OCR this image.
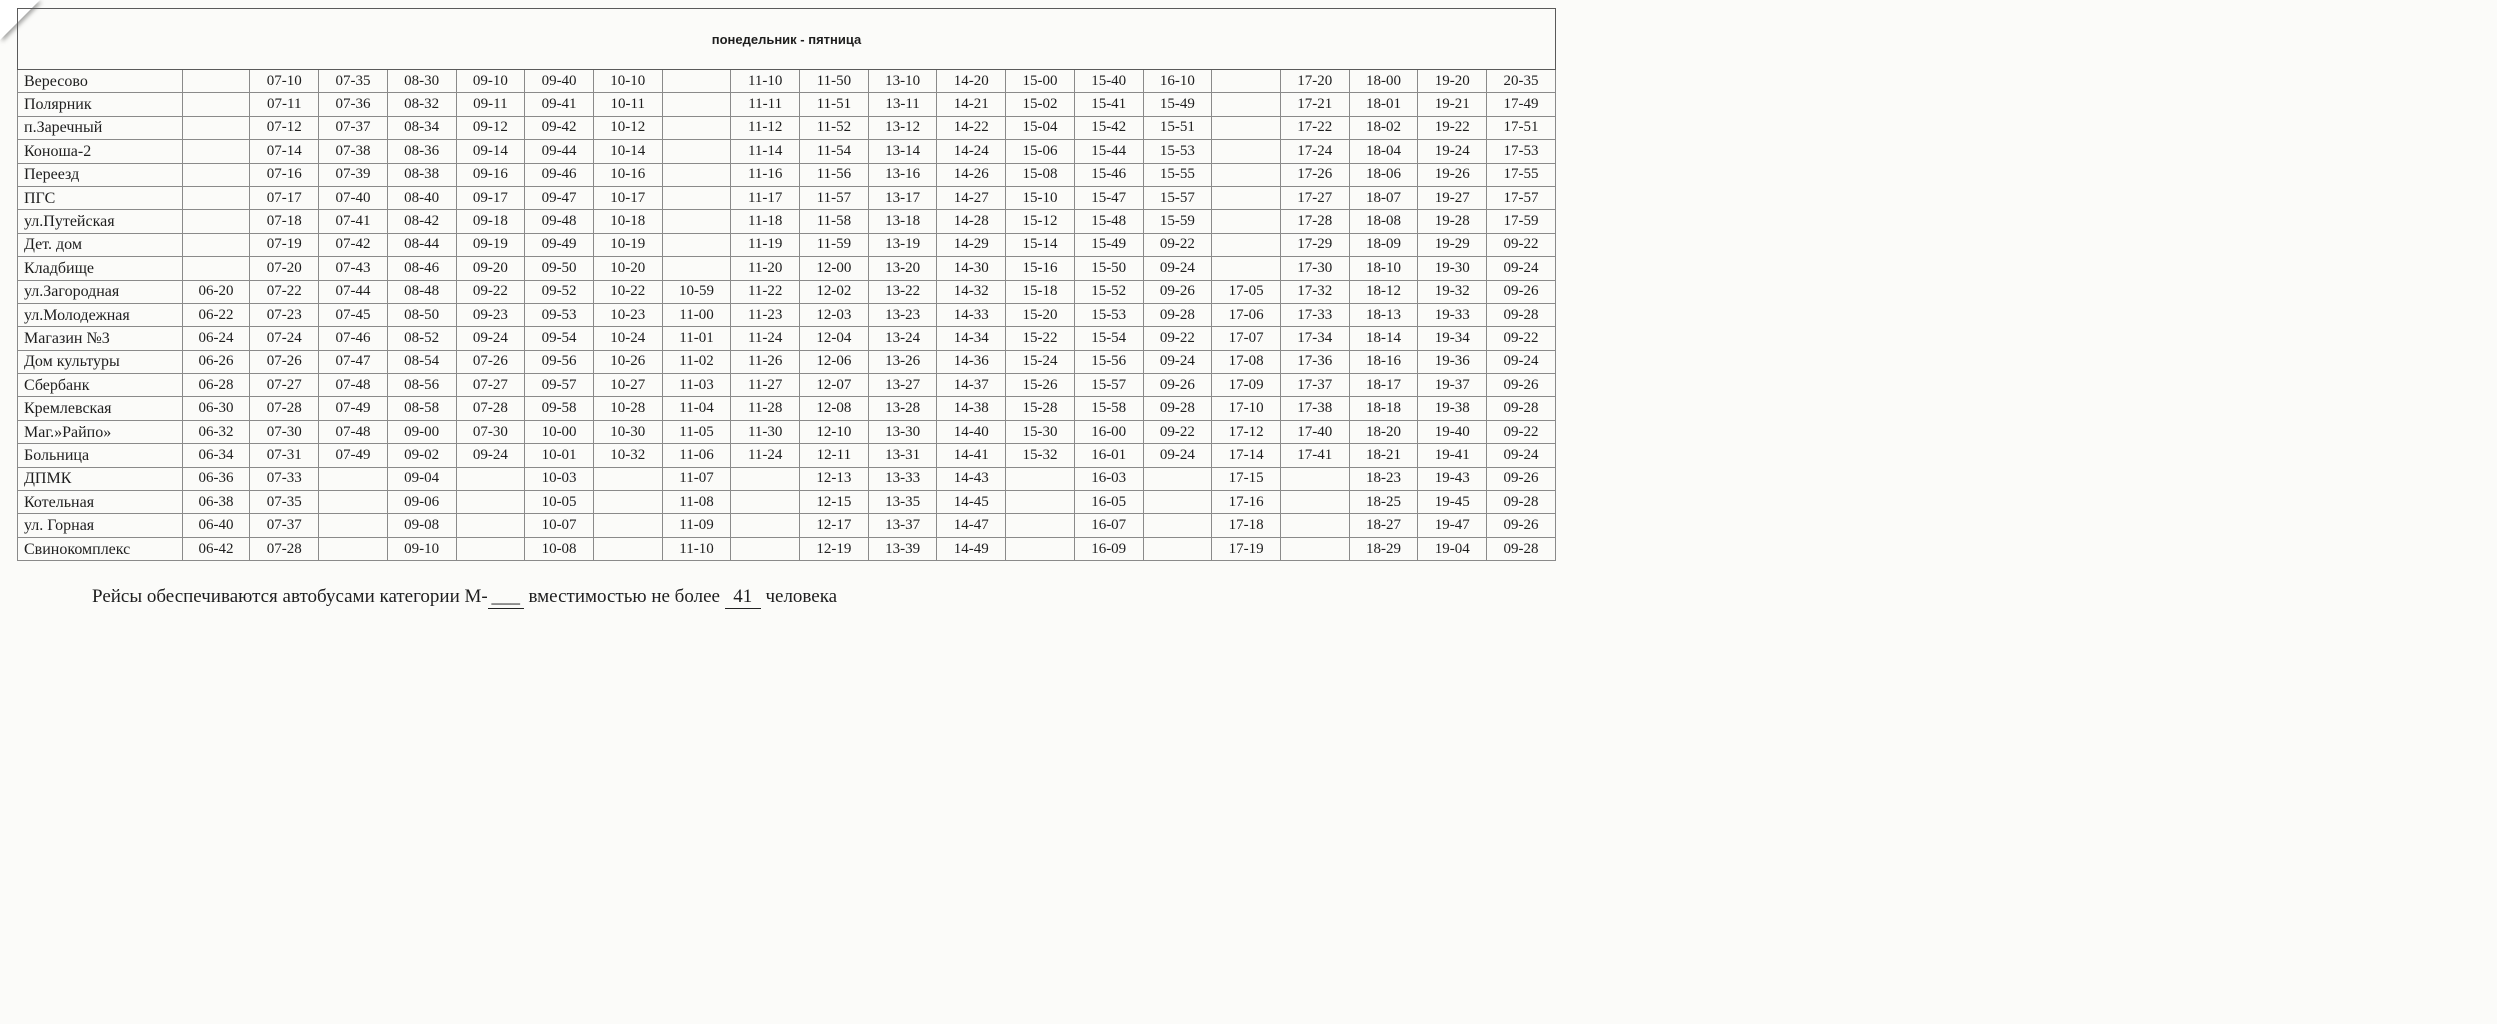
понедельник - пятница																				
Вересово		07-10	07-35	08-30	09-10	09-40	10-10		11-10	11-50	13-10	14-20	15-00	15-40	16-10		17-20	18-00	19-20	20-35
Полярник		07-11	07-36	08-32	09-11	09-41	10-11		11-11	11-51	13-11	14-21	15-02	15-41	15-49		17-21	18-01	19-21	17-49
п.Заречный		07-12	07-37	08-34	09-12	09-42	10-12		11-12	11-52	13-12	14-22	15-04	15-42	15-51		17-22	18-02	19-22	17-51
Коноша-2		07-14	07-38	08-36	09-14	09-44	10-14		11-14	11-54	13-14	14-24	15-06	15-44	15-53		17-24	18-04	19-24	17-53
Переезд		07-16	07-39	08-38	09-16	09-46	10-16		11-16	11-56	13-16	14-26	15-08	15-46	15-55		17-26	18-06	19-26	17-55
ПГС		07-17	07-40	08-40	09-17	09-47	10-17		11-17	11-57	13-17	14-27	15-10	15-47	15-57		17-27	18-07	19-27	17-57
ул.Путейская		07-18	07-41	08-42	09-18	09-48	10-18		11-18	11-58	13-18	14-28	15-12	15-48	15-59		17-28	18-08	19-28	17-59
Дет. дом		07-19	07-42	08-44	09-19	09-49	10-19		11-19	11-59	13-19	14-29	15-14	15-49	09-22		17-29	18-09	19-29	09-22
Кладбище		07-20	07-43	08-46	09-20	09-50	10-20		11-20	12-00	13-20	14-30	15-16	15-50	09-24		17-30	18-10	19-30	09-24
ул.Загородная	06-20	07-22	07-44	08-48	09-22	09-52	10-22	10-59	11-22	12-02	13-22	14-32	15-18	15-52	09-26	17-05	17-32	18-12	19-32	09-26
ул.Молодежная	06-22	07-23	07-45	08-50	09-23	09-53	10-23	11-00	11-23	12-03	13-23	14-33	15-20	15-53	09-28	17-06	17-33	18-13	19-33	09-28
Магазин №3	06-24	07-24	07-46	08-52	09-24	09-54	10-24	11-01	11-24	12-04	13-24	14-34	15-22	15-54	09-22	17-07	17-34	18-14	19-34	09-22
Дом культуры	06-26	07-26	07-47	08-54	07-26	09-56	10-26	11-02	11-26	12-06	13-26	14-36	15-24	15-56	09-24	17-08	17-36	18-16	19-36	09-24
Сбербанк	06-28	07-27	07-48	08-56	07-27	09-57	10-27	11-03	11-27	12-07	13-27	14-37	15-26	15-57	09-26	17-09	17-37	18-17	19-37	09-26
Кремлевская	06-30	07-28	07-49	08-58	07-28	09-58	10-28	11-04	11-28	12-08	13-28	14-38	15-28	15-58	09-28	17-10	17-38	18-18	19-38	09-28
Маг.»Райпо»	06-32	07-30	07-48	09-00	07-30	10-00	10-30	11-05	11-30	12-10	13-30	14-40	15-30	16-00	09-22	17-12	17-40	18-20	19-40	09-22
Больница	06-34	07-31	07-49	09-02	09-24	10-01	10-32	11-06	11-24	12-11	13-31	14-41	15-32	16-01	09-24	17-14	17-41	18-21	19-41	09-24
ДПМК	06-36	07-33		09-04		10-03		11-07		12-13	13-33	14-43		16-03		17-15		18-23	19-43	09-26
Котельная	06-38	07-35		09-06		10-05		11-08		12-15	13-35	14-45		16-05		17-16		18-25	19-45	09-28
ул. Горная	06-40	07-37		09-08		10-07		11-09		12-17	13-37	14-47		16-07		17-18		18-27	19-47	09-26
Свинокомплекс	06-42	07-28		09-10		10-08		11-10		12-19	13-39	14-49		16-09		17-19		18-29	19-04	09-28
Рейсы обеспечиваются автобусами категории М- ___ вместимостью не более 41 человека
